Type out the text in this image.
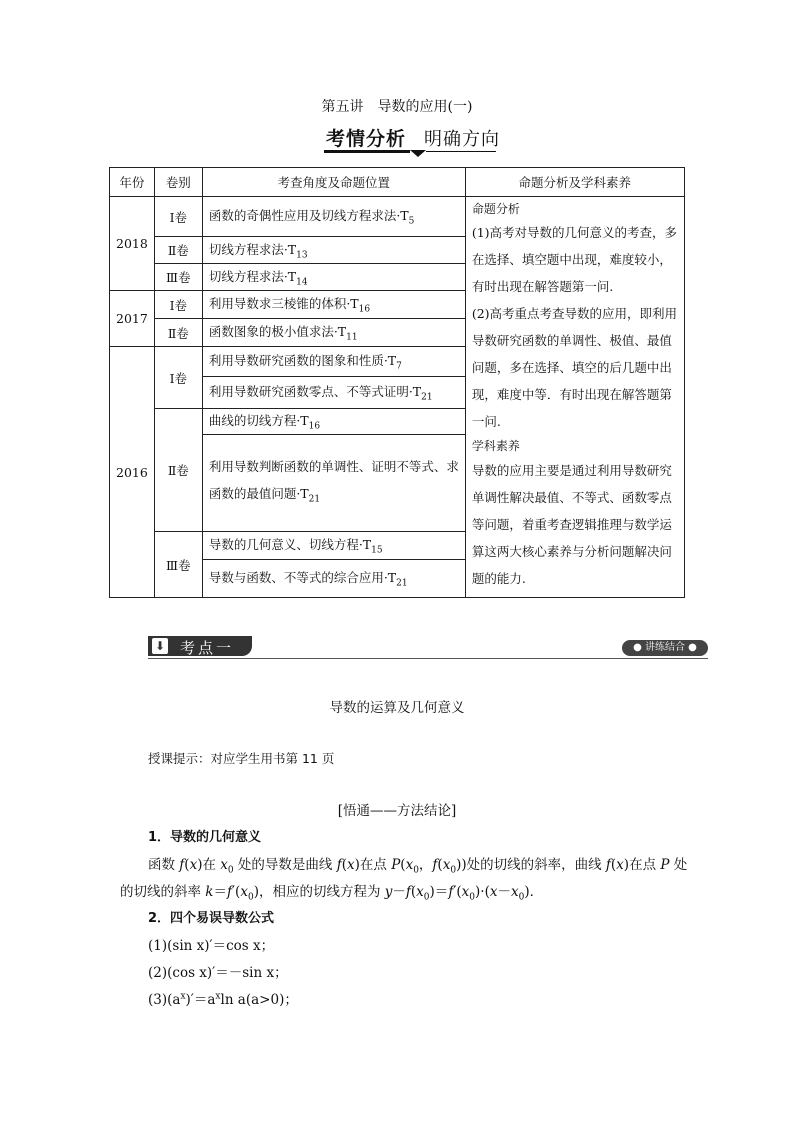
第五讲　导数的应用(一)
考情分析 明确方向
年份	卷别	考查角度及命题位置	命题分析及学科素养
2018	Ⅰ卷	函数的奇偶性应用及切线方程求法$\cdot T_5$	命题分析
(1)高考对导数的几何意义的考查，多在选择、填空题中出现，难度较小，有时出现在解答题第一问.
(2)高考重点考查导数的应用，即利用导数研究函数的单调性、极值、最值问题，多在选择、填空的后几题中出现，难度中等．有时出现在解答题第一问.
学科素养
导数的应用主要是通过利用导数研究单调性解决最值、不等式、函数零点等问题，着重考查逻辑推理与数学运算这两大核心素养与分析问题解决问题的能力.

	Ⅱ卷	切线方程求法$\cdot T_{13}$
	Ⅲ卷	切线方程求法$\cdot T_{14}$
2017	Ⅰ卷	利用导数求三棱锥的体积$\cdot T_{16}$
	Ⅱ卷	函数图象的极小值求法$\cdot T_{11}$
2016	Ⅰ卷	利用导数研究函数的图象和性质$\cdot T_7$
		利用导数研究函数零点、不等式证明$\cdot T_{21}$
	Ⅱ卷	曲线的切线方程$\cdot T_{16}$
		利用导数判断函数的单调性、证明不等式、求函数的最值问题$\cdot T_{21}$
	Ⅲ卷	导数的几何意义、切线方程$\cdot T_{15}$
		导数与函数、不等式的综合应用$\cdot T_{21}$
⬇ 考点一	● 讲练结合 ●
导数的运算及几何意义
授课提示：对应学生用书第 11 页
[悟通——方法结论]
1．导数的几何意义
函数 f(x)在 $x_0$ 处的导数是曲线 f(x)在点 $P(x_0$，$f(x_0)$)处的切线的斜率，曲线 f(x)在点 P 处
的切线的斜率 $k=f'(x_0)$，相应的切线方程为 $y-f(x_0)=f'(x_0)\cdot(x-x_0)$．
2．四个易误导数公式
(1)(sin x)′＝cos x；
(2)(cos x)′＝－sin x；
$(3)(a^x)'=a^x\ln$ a(a>0)；
